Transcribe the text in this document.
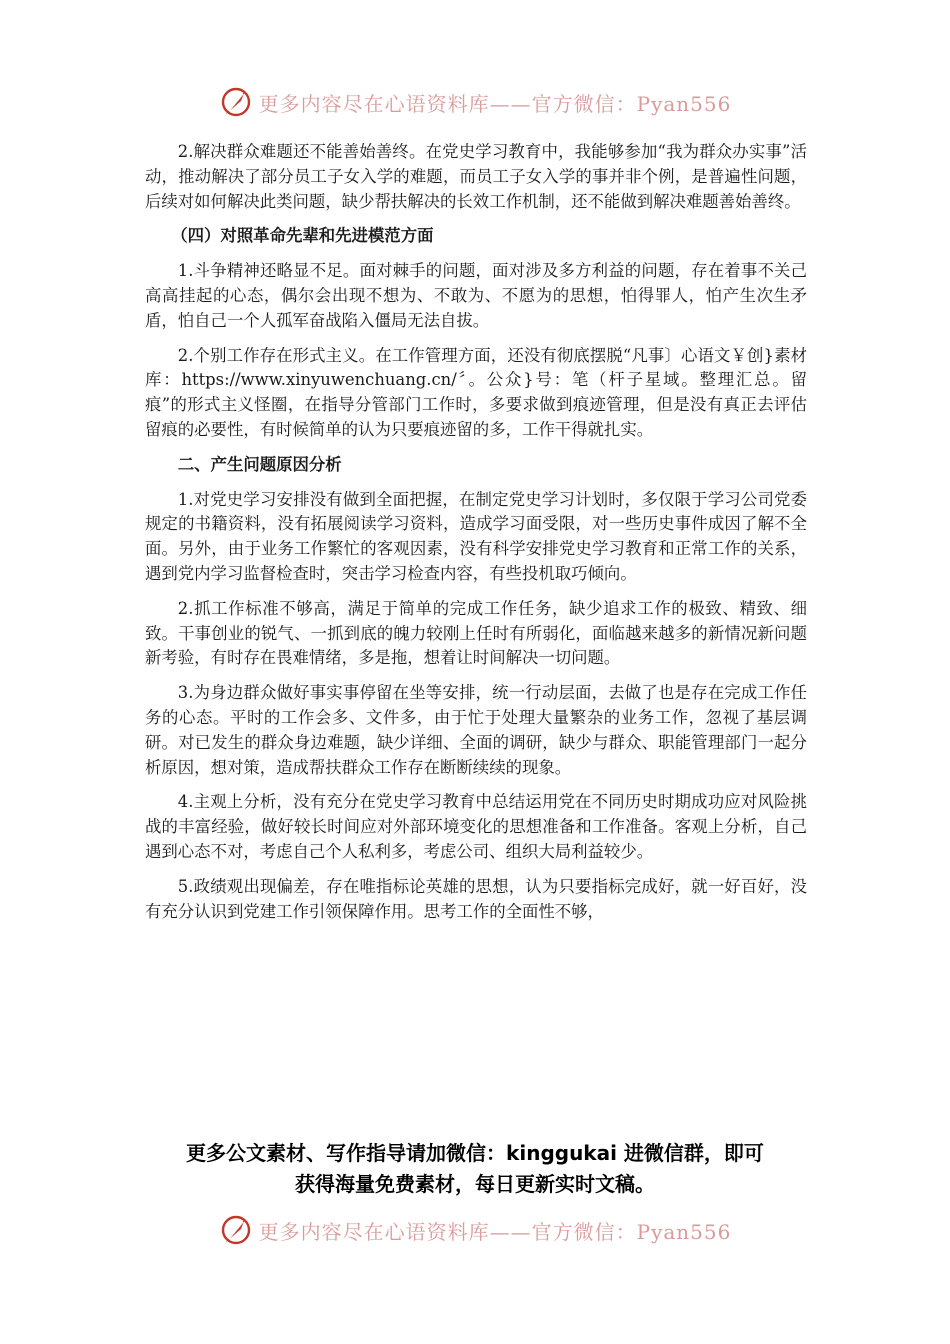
更多内容尽在心语资料库——官方微信：Pyan556

2.解决群众难题还不能善始善终。在党史学习教育中，我能够参加“我为群众办实事”活动，推动解决了部分员工子女入学的难题，而员工子女入学的事并非个例，是普遍性问题，后续对如何解决此类问题，缺少帮扶解决的长效工作机制，还不能做到解决难题善始善终。

（四）对照革命先辈和先进模范方面

1.斗争精神还略显不足。面对棘手的问题，面对涉及多方利益的问题，存在着事不关己高高挂起的心态，偶尔会出现不想为、不敢为、不愿为的思想，怕得罪人，怕产生次生矛盾，怕自己一个人孤军奋战陷入僵局无法自拔。

2.个别工作存在形式主义。在工作管理方面，还没有彻底摆脱“凡事〕心语文￥创}素材库：https://www.xinyuwenchuang.cn/〞。公众}号：笔（杆子星域。整理汇总。留痕”的形式主义怪圈，在指导分管部门工作时，多要求做到痕迹管理，但是没有真正去评估留痕的必要性，有时候简单的认为只要痕迹留的多，工作干得就扎实。

二、产生问题原因分析

1.对党史学习安排没有做到全面把握，在制定党史学习计划时，多仅限于学习公司党委规定的书籍资料，没有拓展阅读学习资料，造成学习面受限，对一些历史事件成因了解不全面。另外，由于业务工作繁忙的客观因素，没有科学安排党史学习教育和正常工作的关系，遇到党内学习监督检查时，突击学习检查内容，有些投机取巧倾向。

2.抓工作标准不够高，满足于简单的完成工作任务，缺少追求工作的极致、精致、细致。干事创业的锐气、一抓到底的魄力较刚上任时有所弱化，面临越来越多的新情况新问题新考验，有时存在畏难情绪，多是拖，想着让时间解决一切问题。

3.为身边群众做好事实事停留在坐等安排，统一行动层面，去做了也是存在完成工作任务的心态。平时的工作会多、文件多，由于忙于处理大量繁杂的业务工作，忽视了基层调研。对已发生的群众身边难题，缺少详细、全面的调研，缺少与群众、职能管理部门一起分析原因，想对策，造成帮扶群众工作存在断断续续的现象。

4.主观上分析，没有充分在党史学习教育中总结运用党在不同历史时期成功应对风险挑战的丰富经验，做好较长时间应对外部环境变化的思想准备和工作准备。客观上分析，自己遇到心态不对，考虑自己个人私利多，考虑公司、组织大局利益较少。

5.政绩观出现偏差，存在唯指标论英雄的思想，认为只要指标完成好，就一好百好，没有充分认识到党建工作引领保障作用。思考工作的全面性不够，

更多公文素材、写作指导请加微信：kinggukai 进微信群，即可
获得海量免费素材，每日更新实时文稿。
更多内容尽在心语资料库——官方微信：Pyan556
